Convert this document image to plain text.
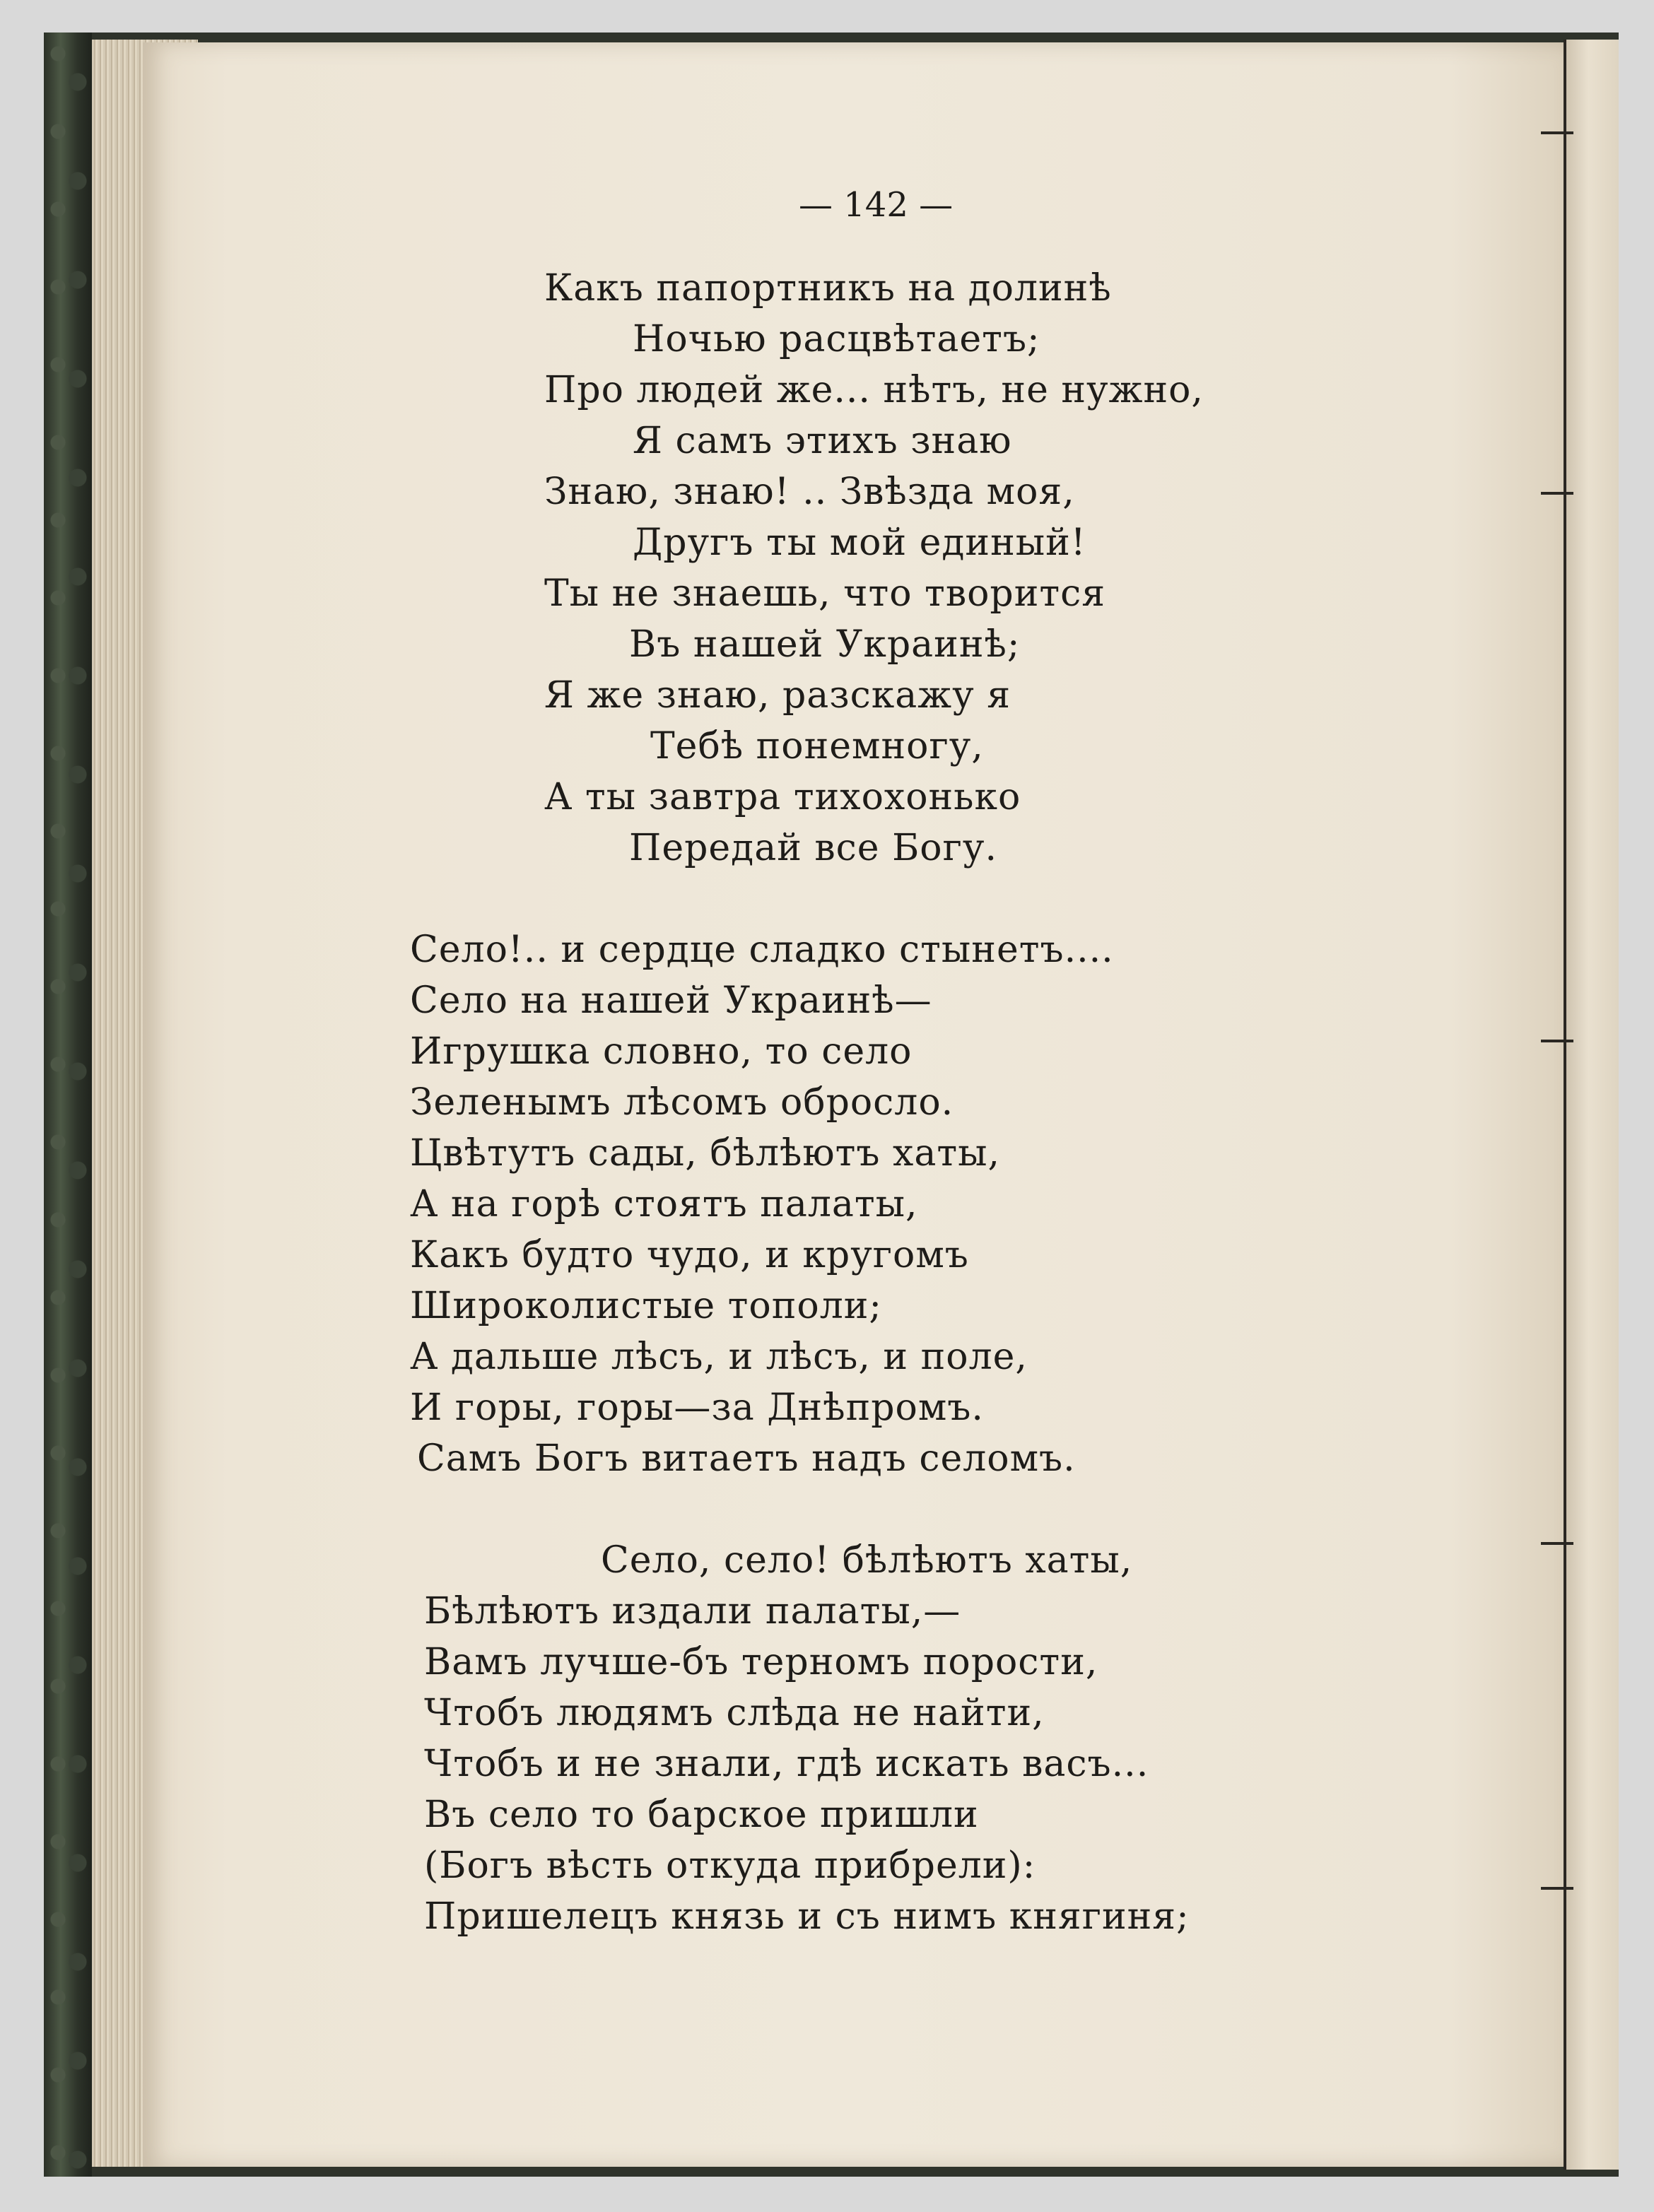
— 142 —
Какъ папортникъ на долинѣ
Ночью расцвѣтаетъ;
Про людей же... нѣтъ, не нужно,
Я самъ этихъ знаю
Знаю, знаю! .. Звѣзда моя,
Другъ ты мой единый!
Ты не знаешь, что творится
Въ нашей Украинѣ;
Я же знаю, разскажу я
Тебѣ понемногу,
А ты завтра тихохонько
Передай все Богу.
Село!.. и сердце сладко стынетъ....
Село на нашей Украинѣ—
Игрушка словно, то село
Зеленымъ лѣсомъ обросло.
Цвѣтутъ сады, бѣлѣютъ хаты,
А на горѣ стоятъ палаты,
Какъ будто чудо, и кругомъ
Широколистые тополи;
А дальше лѣсъ, и лѣсъ, и поле,
И горы, горы—за Днѣпромъ.
Самъ Богъ витаетъ надъ селомъ.
Село, село! бѣлѣютъ хаты,
Бѣлѣютъ издали палаты,—
Вамъ лучше-бъ терномъ порости,
Чтобъ людямъ слѣда не найти,
Чтобъ и не знали, гдѣ искать васъ...
Въ село то барское пришли
(Богъ вѣсть откуда прибрели):
Пришелецъ князь и съ нимъ княгиня;
